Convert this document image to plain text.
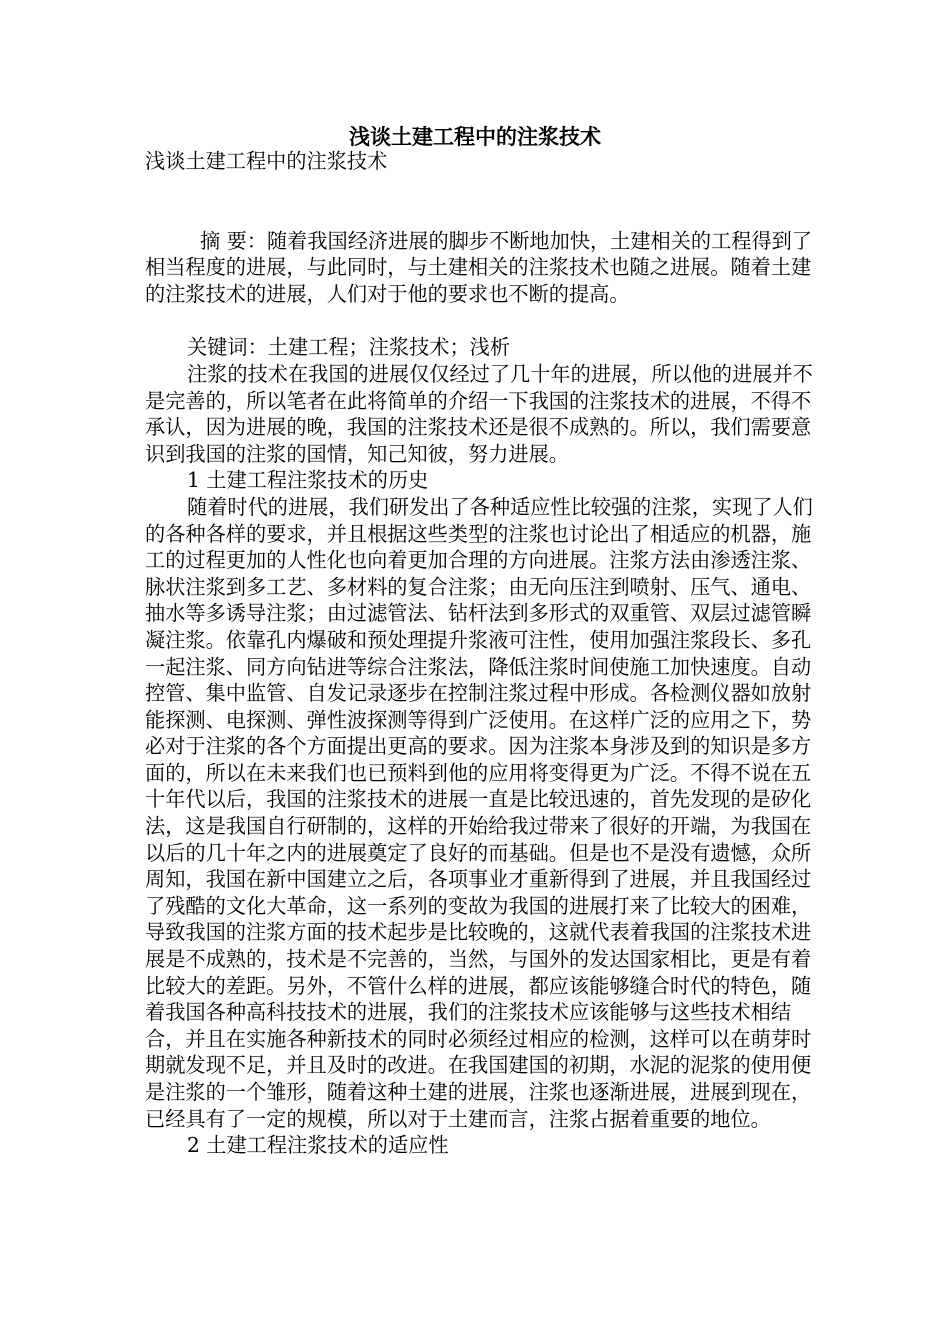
浅谈土建工程中的注浆技术

浅谈土建工程中的注浆技术

摘 要：随着我国经济进展的脚步不断地加快，土建相关的工程得到了相当程度的进展，与此同时，与土建相关的注浆技术也随之进展。随着土建的注浆技术的进展，人们对于他的要求也不断的提高。

关键词：土建工程；注浆技术；浅析

注浆的技术在我国的进展仅仅经过了几十年的进展，所以他的进展并不是完善的，所以笔者在此将简单的介绍一下我国的注浆技术的进展，不得不承认，因为进展的晚，我国的注浆技术还是很不成熟的。所以，我们需要意识到我国的注浆的国情，知己知彼，努力进展。

1 土建工程注浆技术的历史

随着时代的进展，我们研发出了各种适应性比较强的注浆，实现了人们的各种各样的要求，并且根据这些类型的注浆也讨论出了相适应的机器，施工的过程更加的人性化也向着更加合理的方向进展。注浆方法由渗透注浆、脉状注浆到多工艺、多材料的复合注浆；由无向压注到喷射、压气、通电、抽水等多诱导注浆；由过滤管法、钻杆法到多形式的双重管、双层过滤管瞬凝注浆。依靠孔内爆破和预处理提升浆液可注性，使用加强注浆段长、多孔一起注浆、同方向钻进等综合注浆法，降低注浆时间使施工加快速度。自动控管、集中监管、自发记录逐步在控制注浆过程中形成。各检测仪器如放射能探测、电探测、弹性波探测等得到广泛使用。在这样广泛的应用之下，势必对于注浆的各个方面提出更高的要求。因为注浆本身涉及到的知识是多方面的，所以在未来我们也已预料到他的应用将变得更为广泛。不得不说在五十年代以后，我国的注浆技术的进展一直是比较迅速的，首先发现的是矽化法，这是我国自行研制的，这样的开始给我过带来了很好的开端，为我国在以后的几十年之内的进展奠定了良好的而基础。但是也不是没有遗憾，众所周知，我国在新中国建立之后，各项事业才重新得到了进展，并且我国经过了残酷的文化大革命，这一系列的变故为我国的进展打来了比较大的困难，导致我国的注浆方面的技术起步是比较晚的，这就代表着我国的注浆技术进展是不成熟的，技术是不完善的，当然，与国外的发达国家相比，更是有着比较大的差距。另外，不管什么样的进展，都应该能够缝合时代的特色，随着我国各种高科技技术的进展，我们的注浆技术应该能够与这些技术相结合，并且在实施各种新技术的同时必须经过相应的检测，这样可以在萌芽时期就发现不足，并且及时的改进。在我国建国的初期，水泥的泥浆的使用便是注浆的一个雏形，随着这种土建的进展，注浆也逐渐进展，进展到现在，已经具有了一定的规模，所以对于土建而言，注浆占据着重要的地位。

2 土建工程注浆技术的适应性
